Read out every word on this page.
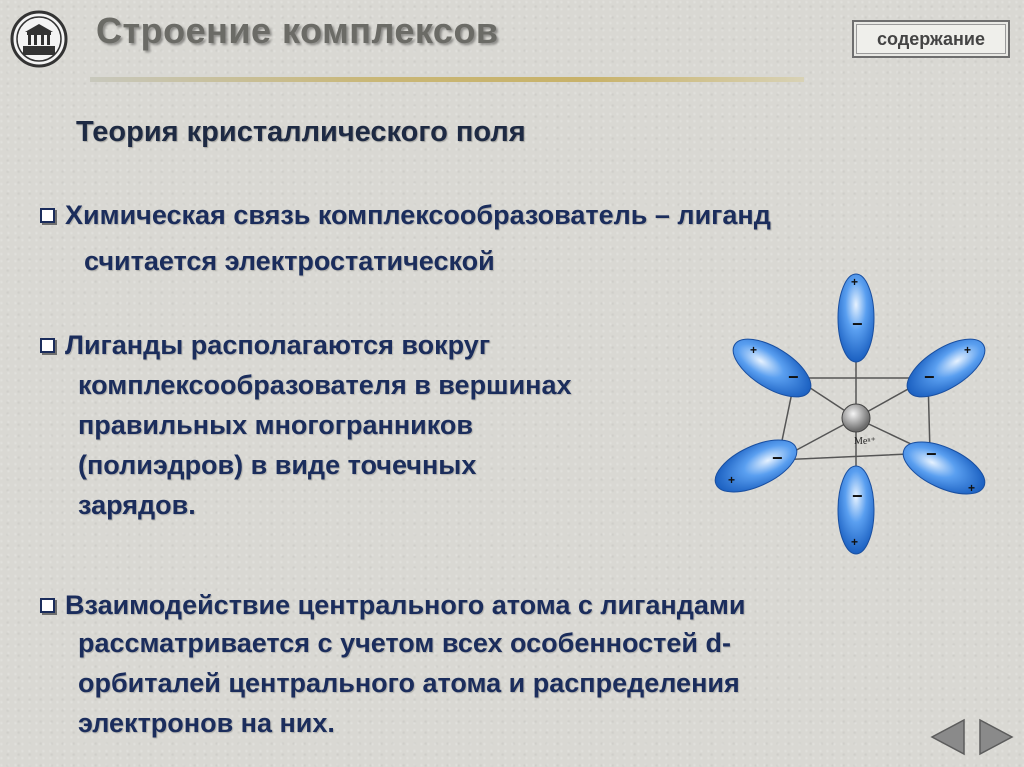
Строение комплексов	содержание
Теория кристаллического поля
Химическая связь комплексообразователь – лиганд
считается электростатической
Лиганды располагаются вокруг
комплексообразователя в вершинах
правильных многогранников
(полиэдров) в виде точечных
зарядов.
Взаимодействие центрального атома с лигандами
рассматривается с учетом всех особенностей d-
орбиталей центрального атома и распределения
электронов на них.
−
−
−	−
−	−
+
+
+	+
+
+
Meⁿ⁺
